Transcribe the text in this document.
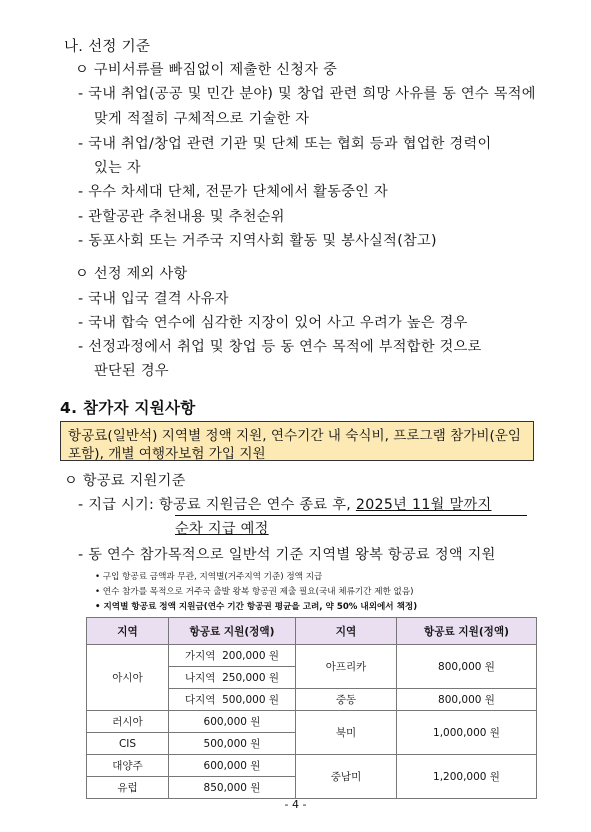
나. 선정 기준
ㅇ 구비서류를 빠짐없이 제출한 신청자 중
- 국내 취업(공공 및 민간 분야) 및 창업 관련 희망 사유를 동 연수 목적에
맞게 적절히 구체적으로 기술한 자
- 국내 취업/창업 관련 기관 및 단체 또는 협회 등과 협업한 경력이
있는 자
- 우수 차세대 단체, 전문가 단체에서 활동중인 자
- 관할공관 추천내용 및 추천순위
- 동포사회 또는 거주국 지역사회 활동 및 봉사실적(참고)
ㅇ 선정 제외 사항
- 국내 입국 결격 사유자
- 국내 합숙 연수에 심각한 지장이 있어 사고 우려가 높은 경우
- 선정과정에서 취업 및 창업 등 동 연수 목적에 부적합한 것으로
판단된 경우
4. 참가자 지원사항
항공료(일반석) 지역별 정액 지원, 연수기간 내 숙식비, 프로그램 참가비(운임
포함), 개별 여행자보험 가입 지원
ㅇ 항공료 지원기준
- 지급 시기: 항공료 지원금은 연수 종료 후, 2025년 11월 말까지
순차 지급 예정
- 동 연수 참가목적으로 일반석 기준 지역별 왕복 항공료 정액 지원
• 구입 항공료 금액과 무관, 지역별(거주지역 기준) 정액 지급
• 연수 참가를 목적으로 거주국 출발 왕복 항공권 제출 필요(국내 체류기간 제한 없음)
• 지역별 항공료 정액 지원금(연수 기간 항공권 평균을 고려, 약 50% 내외에서 책정)
지역	항공료 지원(정액)	지역	항공료 지원(정액)
아시아	가지역 200,000 원	아프리카	800,000 원
	나지역 250,000 원		
	다지역 500,000 원	중동	800,000 원
러시아	600,000 원	북미	1,000,000 원
CIS	500,000 원		
대양주	600,000 원	중남미	1,200,000 원
유럽	850,000 원		
- 4 -
